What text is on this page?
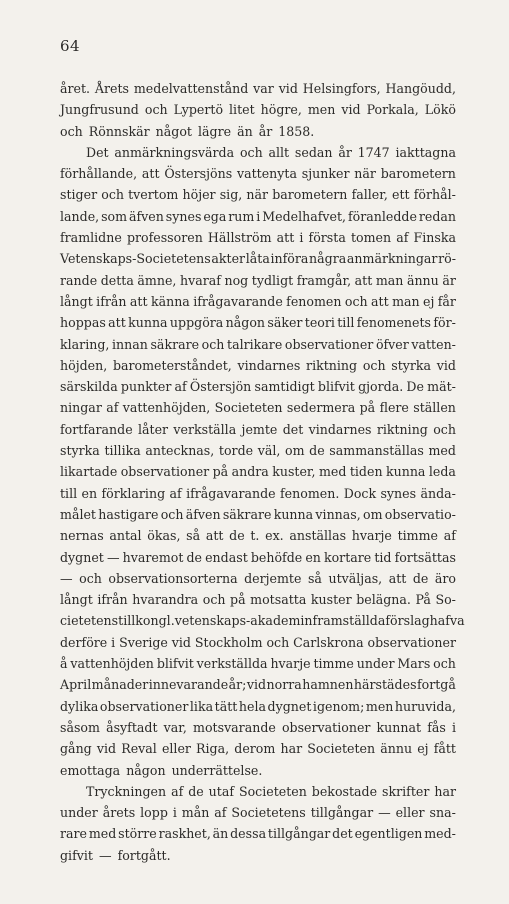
64
året. Årets medelvattenstånd var vid Helsingfors, Hangöudd,
Jungfrusund och Lypertö litet högre, men vid Porkala, Lökö
och Rönnskär något lägre än år 1858.
Det anmärkningsvärda och allt sedan år 1747 iakttagna
förhållande, att Östersjöns vattenyta sjunker när barometern
stiger och tvertom höjer sig, när barometern faller, ett förhål-
lande, som äfven synes ega rum i Medelhafvet, föranledde redan
framlidne professoren Hällström att i första tomen af Finska
Vetenskaps-Societetens akter låta införa några anmärkningar rö-
rande detta ämne, hvaraf nog tydligt framgår, att man ännu är
långt ifrån att känna ifrågavarande fenomen och att man ej får
hoppas att kunna uppgöra någon säker teori till fenomenets för-
klaring, innan säkrare och talrikare observationer öfver vatten-
höjden, barometerståndet, vindarnes riktning och styrka vid
särskilda punkter af Östersjön samtidigt blifvit gjorda. De mät-
ningar af vattenhöjden, Societeten sedermera på flere ställen
fortfarande låter verkställa jemte det vindarnes riktning och
styrka tillika antecknas, torde väl, om de sammanställas med
likartade observationer på andra kuster, med tiden kunna leda
till en förklaring af ifrågavarande fenomen. Dock synes ända-
målet hastigare och äfven säkrare kunna vinnas, om observatio-
nernas antal ökas, så att de t. ex. anställas hvarje timme af
dygnet — hvaremot de endast behöfde en kortare tid fortsättas
— och observationsorterna derjemte så utväljas, att de äro
långt ifrån hvarandra och på motsatta kuster belägna. På So-
cietetens till kongl. vetenskaps-akademin framställda förslag hafva
derföre i Sverige vid Stockholm och Carlskrona observationer
å vattenhöjden blifvit verkställda hvarje timme under Mars och
April månader innevarande år; vid norra hamnen härstädes fortgå
dylika observationer lika tätt hela dygnet igenom; men huruvida,
såsom åsyftadt var, motsvarande observationer kunnat fås i
gång vid Reval eller Riga, derom har Societeten ännu ej fått
emottaga någon underrättelse.
Tryckningen af de utaf Societeten bekostade skrifter har
under årets lopp i mån af Societetens tillgångar — eller sna-
rare med större raskhet, än dessa tillgångar det egentligen med-
gifvit — fortgått.
